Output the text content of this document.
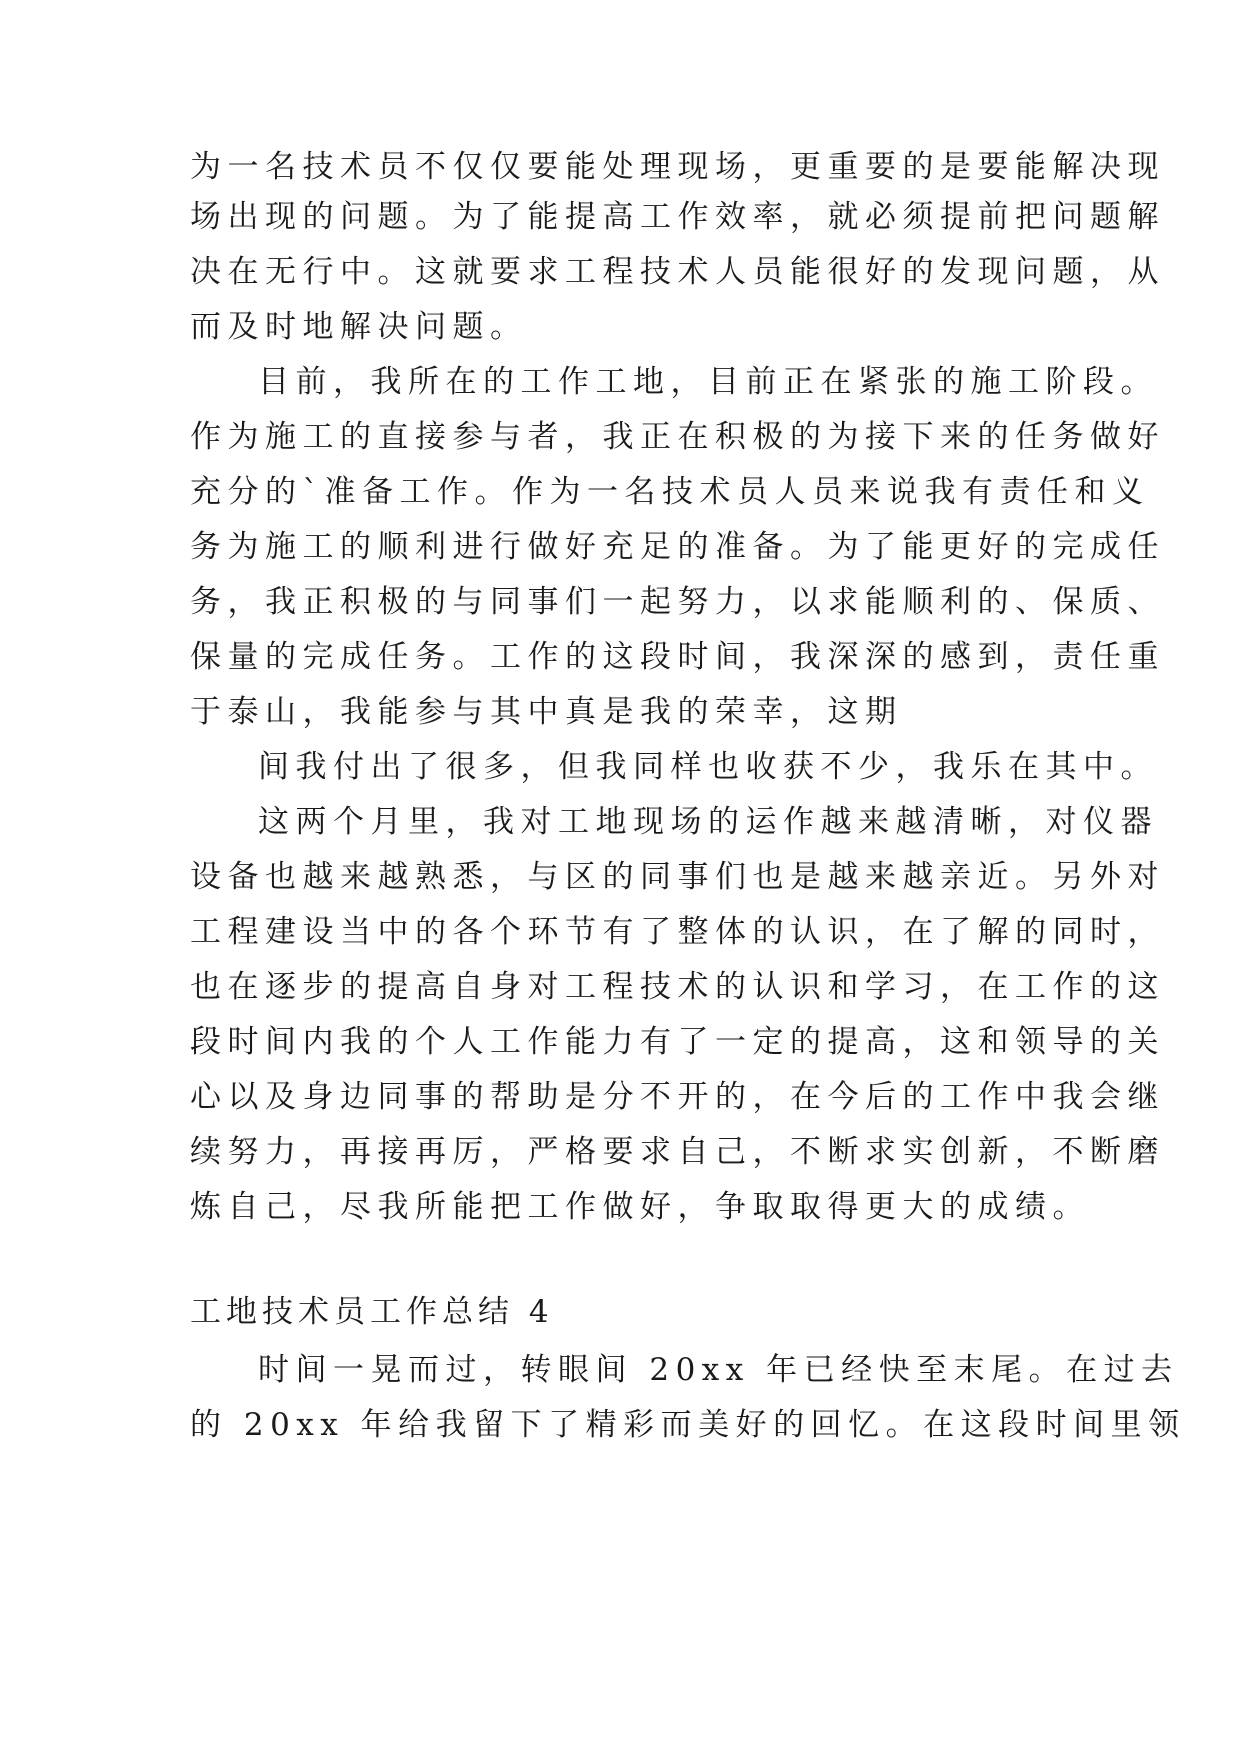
为一名技术员不仅仅要能处理现场，更重要的是要能解决现
场出现的问题。为了能提高工作效率，就必须提前把问题解
决在无行中。这就要求工程技术人员能很好的发现问题，从
而及时地解决问题。
目前，我所在的工作工地，目前正在紧张的施工阶段。
作为施工的直接参与者，我正在积极的为接下来的任务做好
充分的`准备工作。作为一名技术员人员来说我有责任和义
务为施工的顺利进行做好充足的准备。为了能更好的完成任
务，我正积极的与同事们一起努力，以求能顺利的、保质、
保量的完成任务。工作的这段时间，我深深的感到，责任重
于泰山，我能参与其中真是我的荣幸，这期
间我付出了很多，但我同样也收获不少，我乐在其中。
这两个月里，我对工地现场的运作越来越清晰，对仪器
设备也越来越熟悉，与区的同事们也是越来越亲近。另外对
工程建设当中的各个环节有了整体的认识，在了解的同时，
也在逐步的提高自身对工程技术的认识和学习，在工作的这
段时间内我的个人工作能力有了一定的提高，这和领导的关
心以及身边同事的帮助是分不开的，在今后的工作中我会继
续努力，再接再厉，严格要求自己，不断求实创新，不断磨
炼自己，尽我所能把工作做好，争取取得更大的成绩。
工地技术员工作总结 4
时间一晃而过，转眼间 20xx 年已经快至末尾。在过去
的 20xx 年给我留下了精彩而美好的回忆。在这段时间里领
